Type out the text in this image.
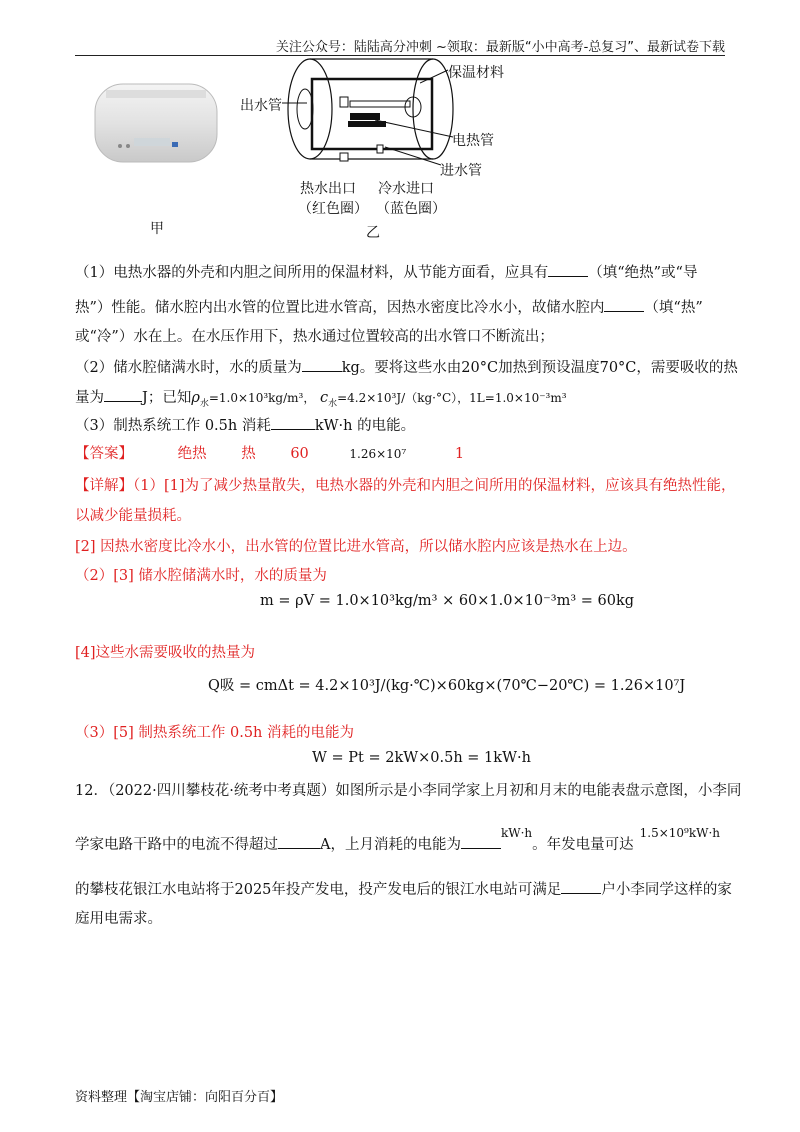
关注公众号：陆陆高分冲刺 ~领取：最新版“小中高考-总复习”、最新试卷下载
甲
出水管
保温材料
电热管
进水管
热水出口
（红色圈）
冷水进口
（蓝色圈）
乙
（1）电热水器的外壳和内胆之间所用的保温材料，从节能方面看，应具有	（填“绝热”或“导
热”）性能。储水腔内出水管的位置比进水管高，因热水密度比冷水小，故储水腔内	（填“热”
或“冷”）水在上。在水压作用下，热水通过位置较高的出水管口不断流出；
（2）储水腔储满水时，水的质量为	kg。要将这些水由20°C加热到预设温度70°C，需要吸收的热
量为	J；已知$\rho_水=1.0\times 10^3kg/m^3$， $c_水=4.2\times 10^3J/(kg\cdot^\circ C)$，1L=1.0×10⁻³m³
（3）制热系统工作 0.5h 消耗	kW·h 的电能。
【答案】	绝热 热 60	1.26×10⁷	1
【详解】（1）[1]为了减少热量散失，电热水器的外壳和内胆之间所用的保温材料，应该具有绝热性能，
以减少能量损耗。
[2] 因热水密度比冷水小，出水管的位置比进水管高，所以储水腔内应该是热水在上边。
（2）[3] 储水腔储满水时，水的质量为
m = ρV = 1.0×10³kg/m³ × 60×1.0×10⁻³m³ = 60kg
[4]这些水需要吸收的热量为
Q吸 = cmΔt = 4.2×10³J/(kg·℃)×60kg×(70℃−20℃) = 1.26×10⁷J
（3）[5] 制热系统工作 0.5h 消耗的电能为
W = Pt = 2kW×0.5h = 1kW·h
12．（2022·四川攀枝花·统考中考真题）如图所示是小李同学家上月初和月末的电能表盘示意图，小李同
学家电路干路中的电流不得超过	A，上月消耗的电能为$^{kW\cdot h}$。年发电量可达$^{1.5\times 10^9kW\cdot h}$
的攀枝花银江水电站将于2025年投产发电，投产发电后的银江水电站可满足	户小李同学这样的家
庭用电需求。
资料整理【淘宝店铺：向阳百分百】
